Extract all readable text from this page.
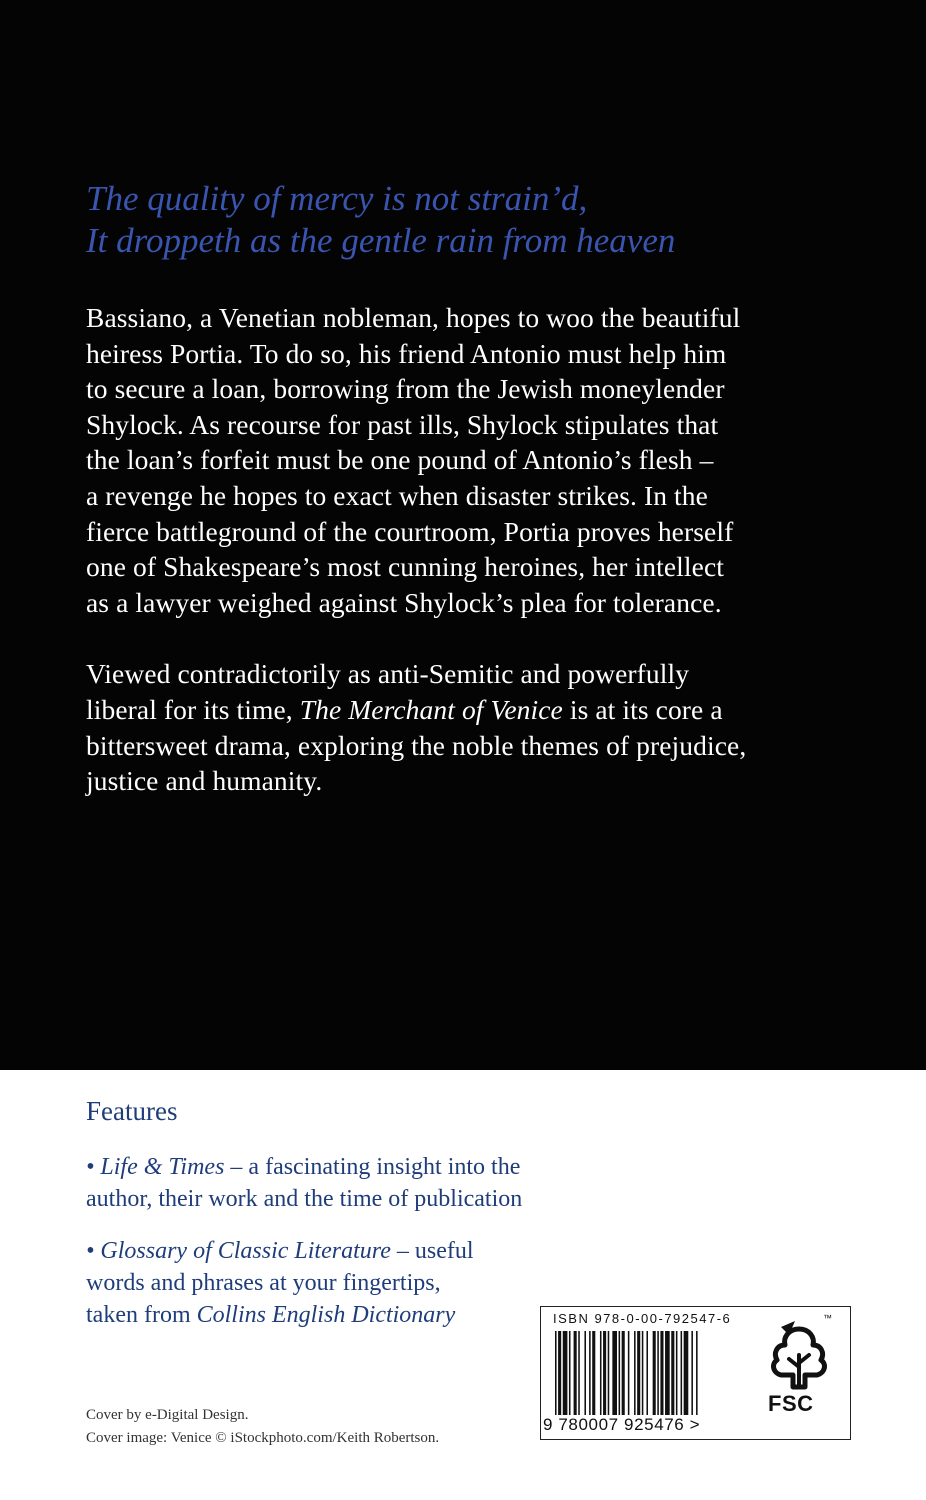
The quality of mercy is not strain’d,
It droppeth as the gentle rain from heaven

Bassiano, a Venetian nobleman, hopes to woo the beautiful
heiress Portia. To do so, his friend Antonio must help him
to secure a loan, borrowing from the Jewish moneylender
Shylock. As recourse for past ills, Shylock stipulates that
the loan’s forfeit must be one pound of Antonio’s flesh –
a revenge he hopes to exact when disaster strikes. In the
fierce battleground of the courtroom, Portia proves herself
one of Shakespeare’s most cunning heroines, her intellect
as a lawyer weighed against Shylock’s plea for tolerance.

Viewed contradictorily as anti-Semitic and powerfully
liberal for its time, The Merchant of Venice is at its core a
bittersweet drama, exploring the noble themes of prejudice,
justice and humanity.

Features
• Life & Times – a fascinating insight into the
author, their work and the time of publication
• Glossary of Classic Literature – useful
words and phrases at your fingertips,
taken from Collins English Dictionary
Cover by e-Digital Design.
Cover image: Venice © iStockphoto.com/Keith Robertson.
ISBN 978-0-00-792547-6
9 780007 925476 >
™
FSC
